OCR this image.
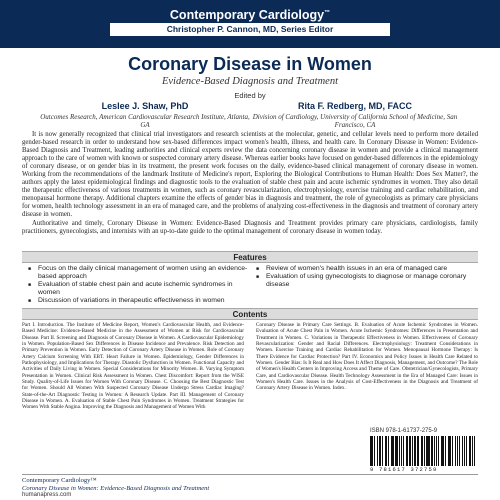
Contemporary Cardiology™
Christopher P. Cannon, MD, Series Editor
Coronary Disease in Women
Evidence-Based Diagnosis and Treatment
Edited by
Leslee J. Shaw, PhD
Outcomes Research, American Cardiovascular Research Institute, Atlanta, GA
Rita F. Redberg, MD, FACC
Division of Cardiology, University of California School of Medicine, San Francisco, CA

It is now generally recognized that clinical trial investigators and research scientists at the molecular, genetic, and cellular levels need to perform more detailed gender-based research in order to understand how sex-based differences impact women's health, illness, and health care. In Coronary Disease in Women: Evidence-Based Diagnosis and Treatment, leading authorities and clinical experts review the data concerning coronary disease in women and provide a clinical management approach to the care of women with known or suspected coronary artery disease. Whereas earlier books have focused on gender-based differences in the epidemiology of coronary disease, or on gender bias in its treatment, the present work focuses on the daily, evidence-based clinical management of coronary disease in women. Working from the recommendations of the landmark Institute of Medicine's report, Exploring the Biological Contributions to Human Health: Does Sex Matter?, the authors apply the latest epidemiological findings and diagnostic tools to the evaluation of stable chest pain and acute ischemic syndromes in women. They also detail the therapeutic effectiveness of various treatments in women, such as coronary revascularization, electrophysiology, exercise training and cardiac rehabilitation, and menopausal hormone therapy. Additional chapters examine the effects of gender bias in diagnosis and treatment, the role of gynecologists as primary care physicians for women, health technology assessment in an era of managed care, and the problems of analyzing cost-effectiveness in the diagnosis and treatment of coronary artery disease in women.

Authoritative and timely, Coronary Disease in Women: Evidence-Based Diagnosis and Treatment provides primary care physicians, cardiologists, family practitioners, gynecologists, and internists with an up-to-date guide to the optimal management of coronary disease in women today.

Features
■ Focus on the daily clinical management of women using an evidence-based approach
■ Evaluation of stable chest pain and acute ischemic syndromes in women
■ Discussion of variations in therapeutic effectiveness in women
■ Review of women's health issues in an era of managed care
■ Evaluation of using gynecologists to diagnose or manage coronary disease
Contents
Part I. Introduction. The Institute of Medicine Report, Women's Cardiovascular Health, and Evidence-Based Medicine: Evidence-Based Medicine in the Assessment of Women at Risk for Cardiovascular Disease. Part II. Screening and Diagnosis of Coronary Disease in Women. A Cardiovascular Epidemiology in Women. Population-Based Sex Differences in Disease Incidence and Prevalence. Risk Detection and Primary Prevention in Women. Early Detection of Coronary Artery Disease in Women. Role of Coronary Artery Calcium Screening With EBT. Heart Failure in Women. Epidemiology, Gender Differences in Pathophysiology, and Implications for Therapy. Diastolic Dysfunction in Women. Functional Capacity and Activities of Daily Living in Women. Special Considerations for Minority Women. B. Varying Symptom Presentation in Women. Clinical Risk Assessment in Women. Chest Discomfort: Report from the WISE Study. Quality-of-Life Issues for Women With Coronary Disease. C. Choosing the Best Diagnostic Test for Women. Should All Women With Suspected Coronary Disease Undergo Stress Cardiac Imaging? State-of-the-Art Diagnostic Testing in Women: A Research Update. Part III. Management of Coronary Disease in Women. A. Evaluation of Stable Chest Pain Syndromes in Women. Treatment Strategies for Women With Stable Angina. Improving the Diagnosis and Management of Women With
Coronary Disease in Primary Care Settings. B. Evaluation of Acute Ischemic Syndromes in Women. Evaluation of Acute Chest Pain in Women. Acute Ischemic Syndromes: Differences in Presentation and Treatment in Women. C. Variations in Therapeutic Effectiveness in Women. Effectiveness of Coronary Revascularization: Gender and Racial Differences. Electrophysiology: Treatment Considerations in Women. Exercise Training and Cardiac Rehabilitation for Women. Menopausal Hormone Therapy: Is There Evidence for Cardiac Protection? Part IV. Economics and Policy Issues in Health Care Related to Women. Gender Bias: Is It Real and How Does It Affect Diagnosis, Management, and Outcome? The Role of Women's Health Centers in Improving Access and Theme of Care. Obstetrician/Gynecologists, Primary Care, and Cardiovascular Disease. Health Technology Assessment in the Era of Managed Care: Issues in Women's Health Care. Issues in the Analysis of Cost-Effectiveness in the Diagnosis and Treatment of Coronary Artery Disease in Women. Index.
ISBN 978-1-61737-275-9
9 781617 372759
Contemporary Cardiology™
Coronary Disease in Women: Evidence-Based Diagnosis and Treatment
humanapress.com
